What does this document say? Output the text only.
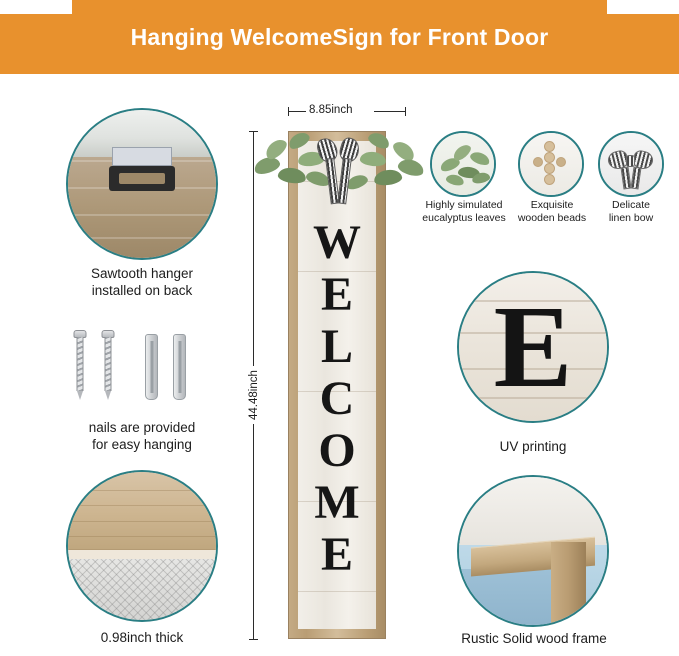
Hanging WelcomeSign for Front Door
Sawtooth hanger
installed on back
nails are provided
for easy hanging
0.98inch thick
W
E
L
C
O
M
E
8.85inch
44.48inch
Highly simulated
eucalyptus leaves
Exquisite
wooden beads
Delicate
linen bow
E
UV printing
Rustic Solid wood frame
